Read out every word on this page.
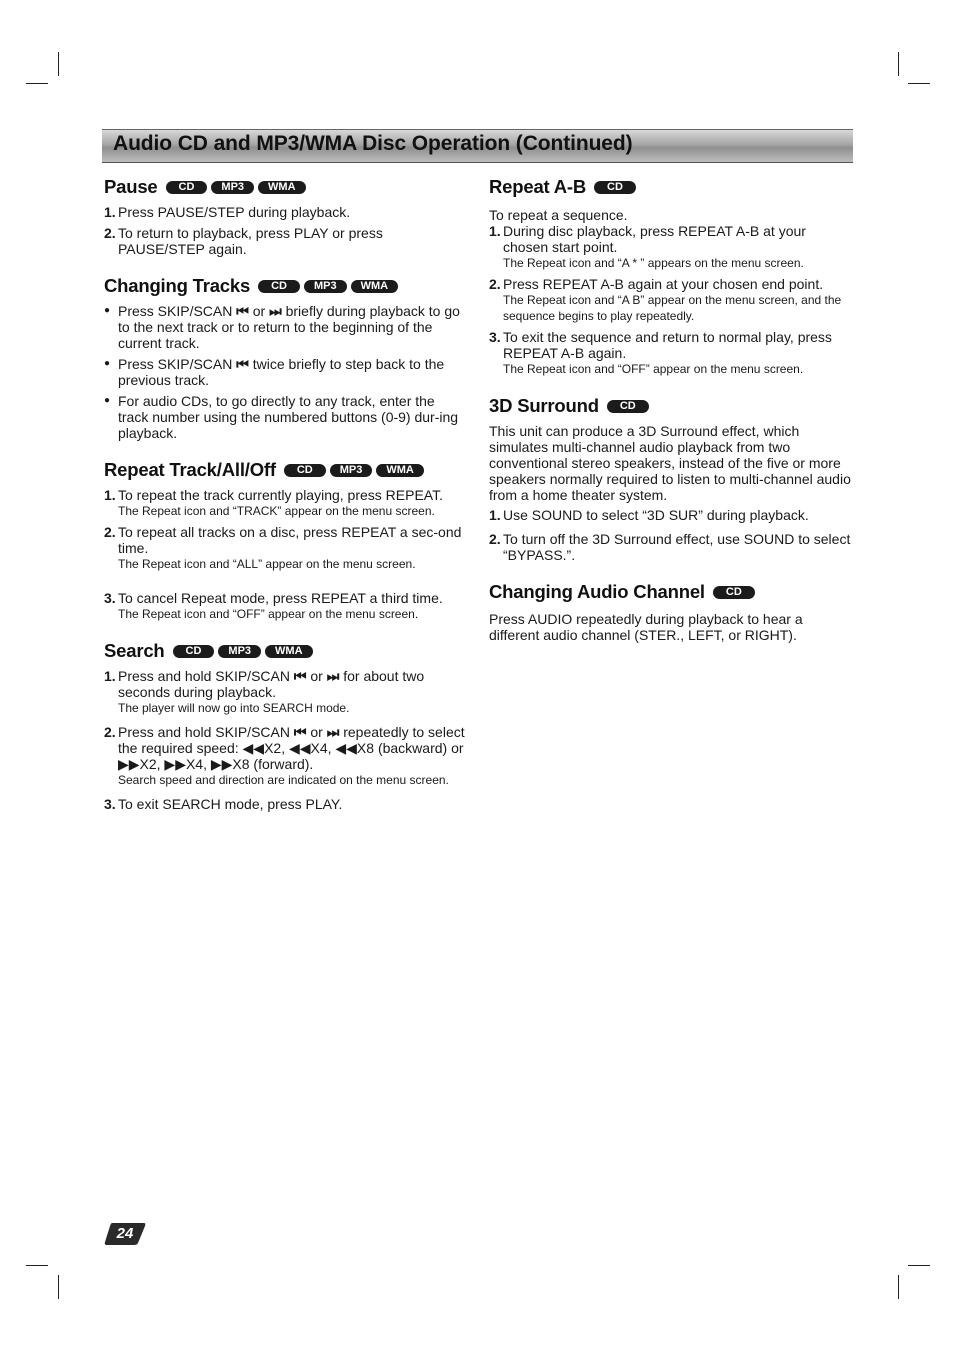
Audio CD and MP3/WMA Disc Operation (Continued)
Pause	CD	MP3	WMA
1. Press PAUSE/STEP during playback.
2. To return to playback, press PLAY or press PAUSE/STEP again.
Changing Tracks	CD	MP3	WMA
● Press SKIP/SCAN ⏮ or ⏭ briefly during playback to go to the next track or to return to the beginning of the current track.
● Press SKIP/SCAN ⏮ twice briefly to step back to the previous track.
● For audio CDs, to go directly to any track, enter the track number using the numbered buttons (0-9) dur-ing playback.
Repeat Track/All/Off	CD	MP3	WMA
1. To repeat the track currently playing, press REPEAT.
The Repeat icon and “TRACK” appear on the menu screen.
2. To repeat all tracks on a disc, press REPEAT a sec-ond time.
The Repeat icon and “ALL” appear on the menu screen.
3. To cancel Repeat mode, press REPEAT a third time.
The Repeat icon and “OFF” appear on the menu screen.
Search	CD	MP3	WMA
1. Press and hold SKIP/SCAN ⏮ or ⏭ for about two seconds during playback.
The player will now go into SEARCH mode.
2. Press and hold SKIP/SCAN ⏮ or ⏭ repeatedly to select the required speed: ◀◀X2, ◀◀X4, ◀◀X8 (backward) or ▶▶X2, ▶▶X4, ▶▶X8 (forward).
Search speed and direction are indicated on the menu screen.
3. To exit SEARCH mode, press PLAY.
Repeat A-B	CD
To repeat a sequence.
1. During disc playback, press REPEAT A-B at your chosen start point.
The Repeat icon and “A * ” appears on the menu screen.
2. Press REPEAT A-B again at your chosen end point.
The Repeat icon and “A B” appear on the menu screen, and the sequence begins to play repeatedly.
3. To exit the sequence and return to normal play, press REPEAT A-B again.
The Repeat icon and “OFF” appear on the menu screen.
3D Surround	CD
This unit can produce a 3D Surround effect, which simulates multi-channel audio playback from two conventional stereo speakers, instead of the five or more speakers normally required to listen to multi-channel audio from a home theater system.
1. Use SOUND to select “3D SUR” during playback.
2. To turn off the 3D Surround effect, use SOUND to select “BYPASS.”.
Changing Audio Channel	CD
Press AUDIO repeatedly during playback to hear a different audio channel (STER., LEFT, or RIGHT).
24
